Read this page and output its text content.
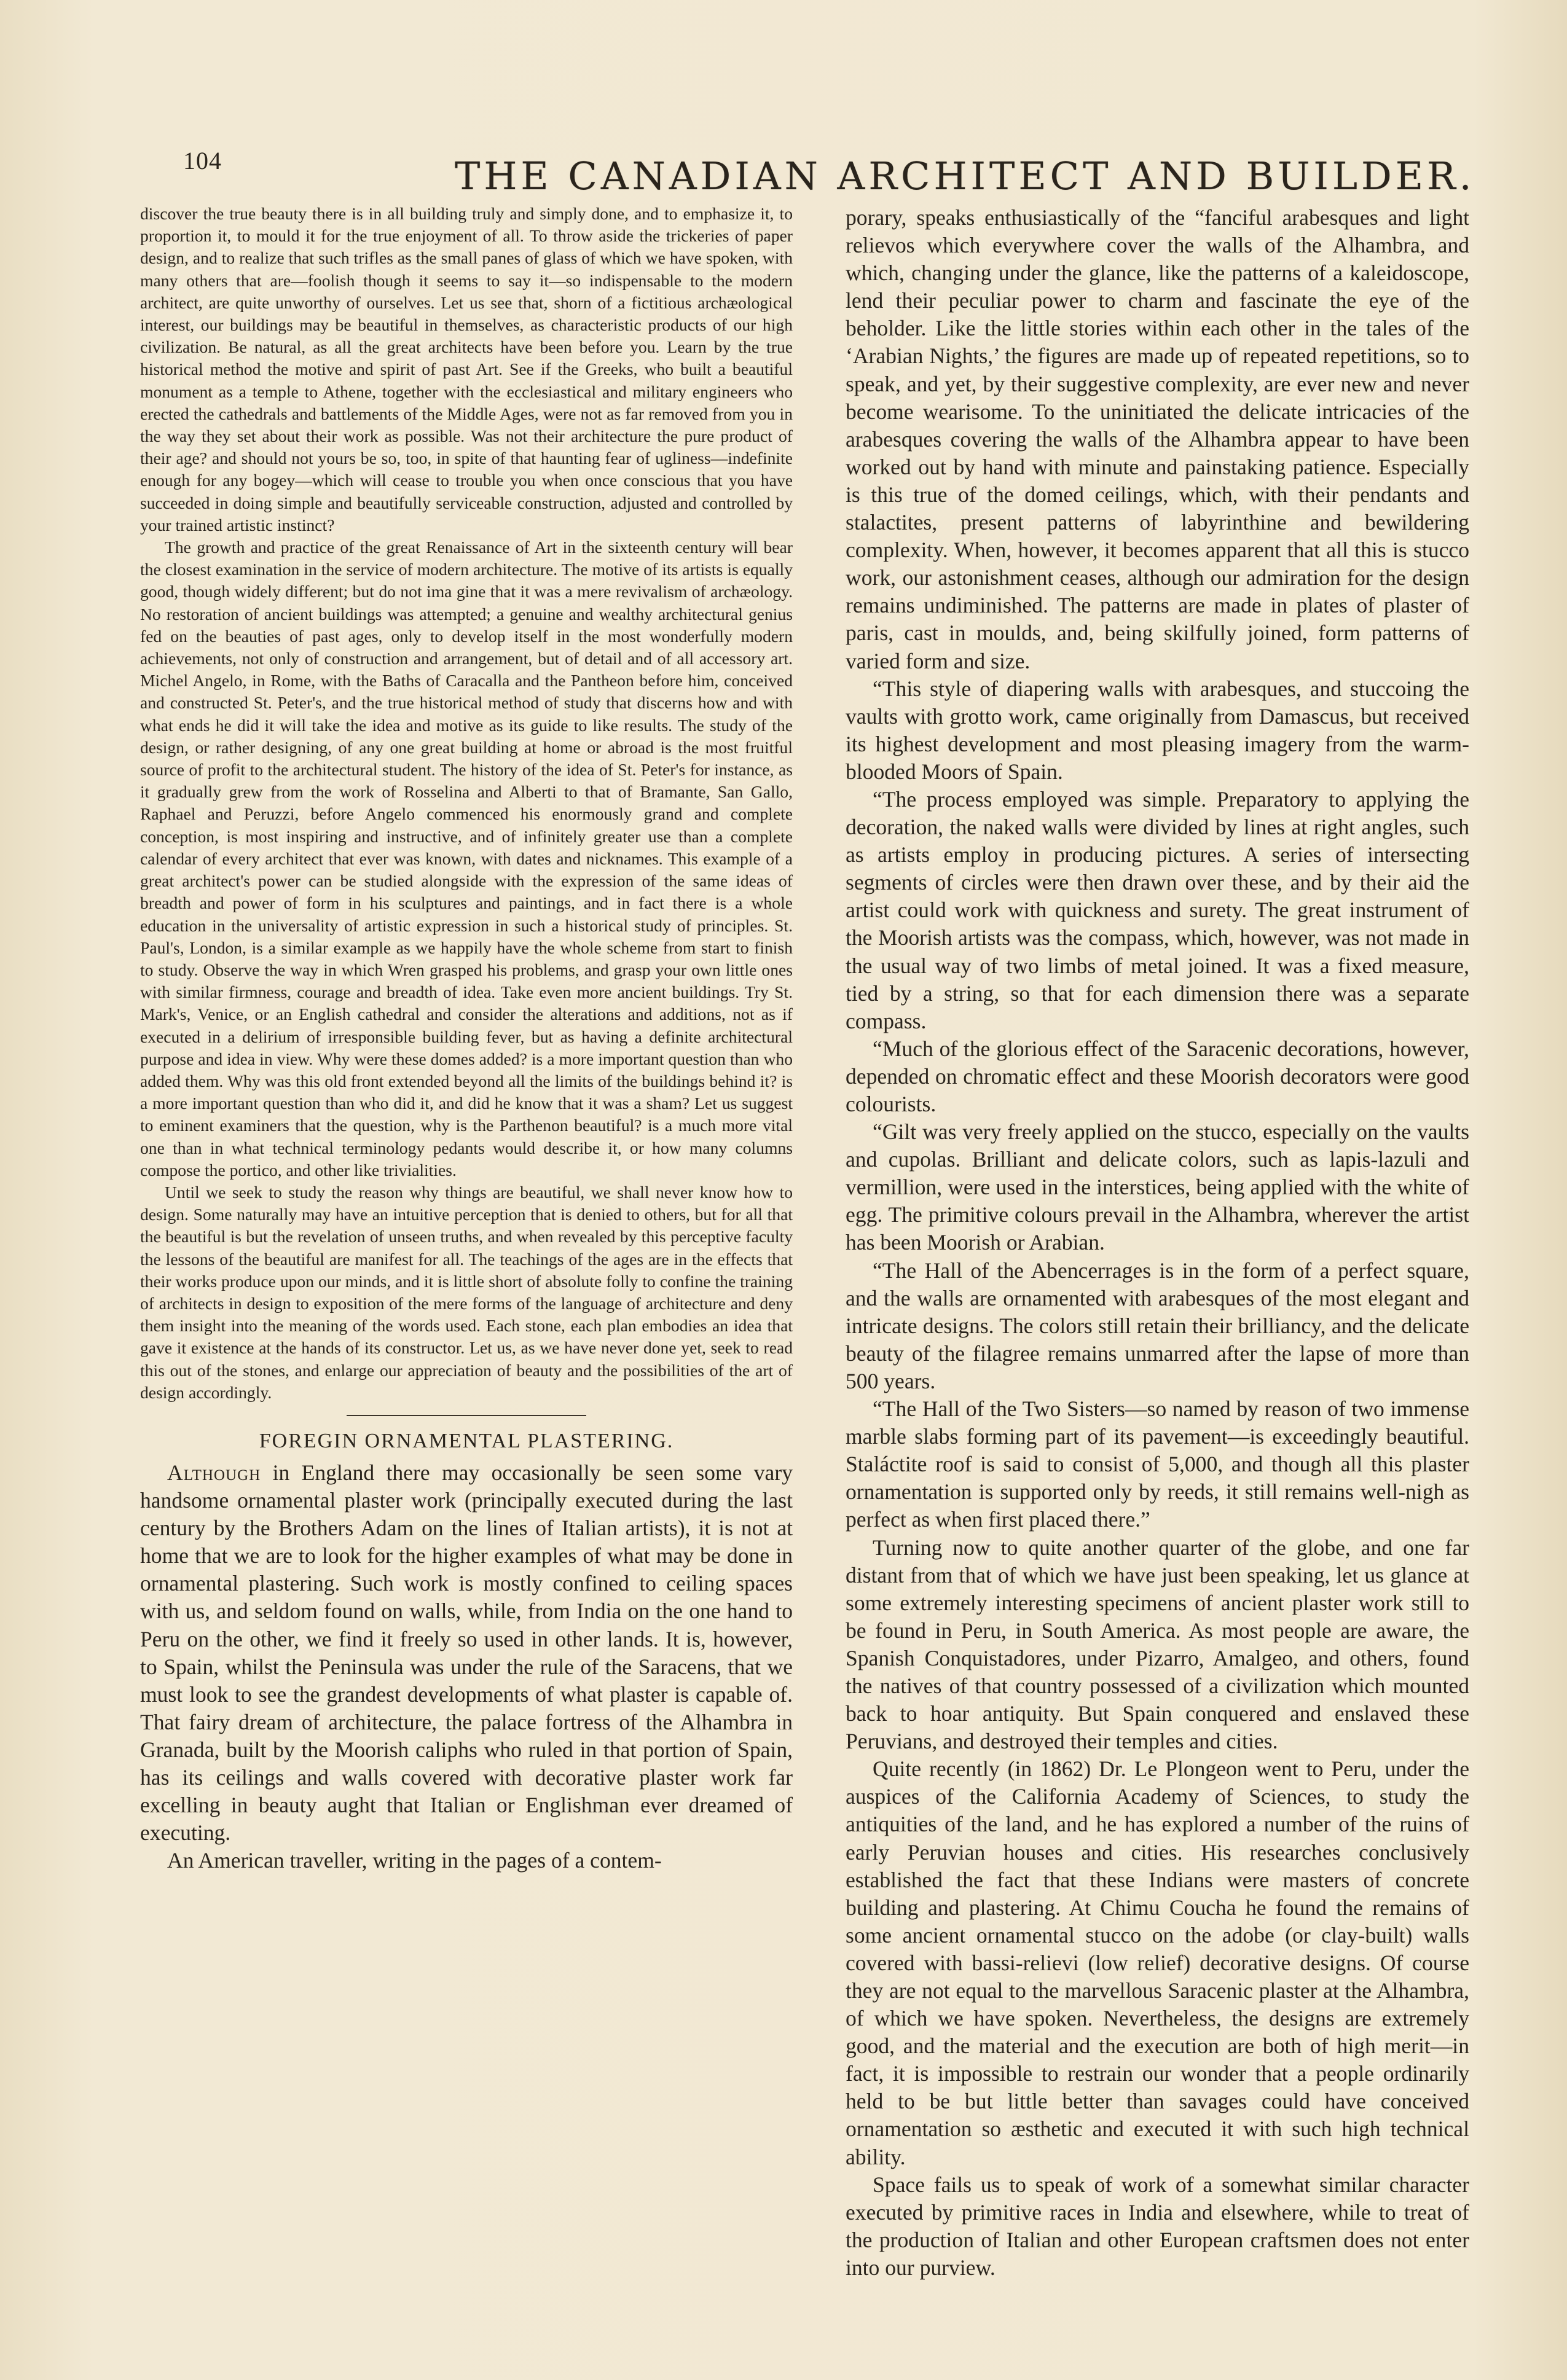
104	THE CANADIAN ARCHITECT AND BUILDER.

discover the true beauty there is in all building truly and simply done, and to emphasize it, to proportion it, to mould it for the true enjoyment of all. To throw aside the trickeries of paper design, and to realize that such trifles as the small panes of glass of which we have spoken, with many others that are—foolish though it seems to say it—so indispensable to the modern architect, are quite unworthy of ourselves. Let us see that, shorn of a fictitious archæological interest, our buildings may be beautiful in themselves, as characteristic products of our high civilization. Be natural, as all the great architects have been before you. Learn by the true historical method the motive and spirit of past Art. See if the Greeks, who built a beautiful monument as a temple to Athene, together with the ecclesiastical and military engineers who erected the cathedrals and battlements of the Middle Ages, were not as far removed from you in the way they set about their work as possible. Was not their architecture the pure product of their age? and should not yours be so, too, in spite of that haunting fear of ugliness—indefinite enough for any bogey—which will cease to trouble you when once conscious that you have succeeded in doing simple and beautifully serviceable construction, adjusted and controlled by your trained artistic instinct?

The growth and practice of the great Renaissance of Art in the sixteenth century will bear the closest examination in the service of modern architecture. The motive of its artists is equally good, though widely different; but do not ima gine that it was a mere revivalism of archæology. No restoration of ancient buildings was attempted; a genuine and wealthy architectural genius fed on the beauties of past ages, only to develop itself in the most wonderfully modern achievements, not only of construction and arrangement, but of detail and of all accessory art. Michel Angelo, in Rome, with the Baths of Caracalla and the Pantheon before him, conceived and constructed St. Peter's, and the true historical method of study that discerns how and with what ends he did it will take the idea and motive as its guide to like results. The study of the design, or rather designing, of any one great building at home or abroad is the most fruitful source of profit to the architectural student. The history of the idea of St. Peter's for instance, as it gradually grew from the work of Rosselina and Alberti to that of Bramante, San Gallo, Raphael and Peruzzi, before Angelo commenced his enormously grand and complete conception, is most inspiring and instructive, and of infinitely greater use than a complete calendar of every architect that ever was known, with dates and nicknames. This example of a great architect's power can be studied alongside with the expression of the same ideas of breadth and power of form in his sculptures and paintings, and in fact there is a whole education in the universality of artistic expression in such a historical study of principles. St. Paul's, London, is a similar example as we happily have the whole scheme from start to finish to study. Observe the way in which Wren grasped his problems, and grasp your own little ones with similar firmness, courage and breadth of idea. Take even more ancient buildings. Try St. Mark's, Venice, or an English cathedral and consider the alterations and additions, not as if executed in a delirium of irresponsible building fever, but as having a definite architectural purpose and idea in view. Why were these domes added? is a more important question than who added them. Why was this old front extended beyond all the limits of the buildings behind it? is a more important question than who did it, and did he know that it was a sham? Let us suggest to eminent examiners that the question, why is the Parthenon beautiful? is a much more vital one than in what technical terminology pedants would describe it, or how many columns compose the portico, and other like trivialities.

Until we seek to study the reason why things are beautiful, we shall never know how to design. Some naturally may have an intuitive perception that is denied to others, but for all that the beautiful is but the revelation of unseen truths, and when revealed by this perceptive faculty the lessons of the beautiful are manifest for all. The teachings of the ages are in the effects that their works produce upon our minds, and it is little short of absolute folly to confine the training of architects in design to exposition of the mere forms of the language of architecture and deny them insight into the meaning of the words used. Each stone, each plan embodies an idea that gave it existence at the hands of its constructor. Let us, as we have never done yet, seek to read this out of the stones, and enlarge our appreciation of beauty and the possibilities of the art of design accordingly.

FOREGIN ORNAMENTAL PLASTERING.

Although in England there may occasionally be seen some vary handsome ornamental plaster work (principally executed during the last century by the Brothers Adam on the lines of Italian artists), it is not at home that we are to look for the higher examples of what may be done in ornamental plastering. Such work is mostly confined to ceiling spaces with us, and seldom found on walls, while, from India on the one hand to Peru on the other, we find it freely so used in other lands. It is, however, to Spain, whilst the Peninsula was under the rule of the Saracens, that we must look to see the grandest developments of what plaster is capable of. That fairy dream of architecture, the palace fortress of the Alhambra in Granada, built by the Moorish caliphs who ruled in that portion of Spain, has its ceilings and walls covered with decorative plaster work far excelling in beauty aught that Italian or Englishman ever dreamed of executing.

An American traveller, writing in the pages of a contem-

porary, speaks enthusiastically of the “fanciful arabesques and light relievos which everywhere cover the walls of the Alhambra, and which, changing under the glance, like the patterns of a kaleidoscope, lend their peculiar power to charm and fascinate the eye of the beholder. Like the little stories within each other in the tales of the ‘Arabian Nights,’ the figures are made up of repeated repetitions, so to speak, and yet, by their suggestive complexity, are ever new and never become wearisome. To the uninitiated the delicate intricacies of the arabesques covering the walls of the Alhambra appear to have been worked out by hand with minute and painstaking patience. Especially is this true of the domed ceilings, which, with their pendants and stalactites, present patterns of labyrinthine and bewildering complexity. When, however, it becomes apparent that all this is stucco work, our astonishment ceases, although our admiration for the design remains undiminished. The patterns are made in plates of plaster of paris, cast in moulds, and, being skilfully joined, form patterns of varied form and size.

“This style of diapering walls with arabesques, and stuccoing the vaults with grotto work, came originally from Damascus, but received its highest development and most pleasing imagery from the warm-blooded Moors of Spain.

“The process employed was simple. Preparatory to applying the decoration, the naked walls were divided by lines at right angles, such as artists employ in producing pictures. A series of intersecting segments of circles were then drawn over these, and by their aid the artist could work with quickness and surety. The great instrument of the Moorish artists was the compass, which, however, was not made in the usual way of two limbs of metal joined. It was a fixed measure, tied by a string, so that for each dimension there was a separate compass.

“Much of the glorious effect of the Saracenic decorations, however, depended on chromatic effect and these Moorish decorators were good colourists.

“Gilt was very freely applied on the stucco, especially on the vaults and cupolas. Brilliant and delicate colors, such as lapis-lazuli and vermillion, were used in the interstices, being applied with the white of egg. The primitive colours prevail in the Alhambra, wherever the artist has been Moorish or Arabian.

“The Hall of the Abencerrages is in the form of a perfect square, and the walls are ornamented with arabesques of the most elegant and intricate designs. The colors still retain their brilliancy, and the delicate beauty of the filagree remains unmarred after the lapse of more than 500 years.

“The Hall of the Two Sisters—so named by reason of two immense marble slabs forming part of its pavement—is exceedingly beautiful. Staláctite roof is said to consist of 5,000, and though all this plaster ornamentation is supported only by reeds, it still remains well-nigh as perfect as when first placed there.”

Turning now to quite another quarter of the globe, and one far distant from that of which we have just been speaking, let us glance at some extremely interesting specimens of ancient plaster work still to be found in Peru, in South America. As most people are aware, the Spanish Conquistadores, under Pizarro, Amalgeo, and others, found the natives of that country possessed of a civilization which mounted back to hoar antiquity. But Spain conquered and enslaved these Peruvians, and destroyed their temples and cities.

Quite recently (in 1862) Dr. Le Plongeon went to Peru, under the auspices of the California Academy of Sciences, to study the antiquities of the land, and he has explored a number of the ruins of early Peruvian houses and cities. His researches conclusively established the fact that these Indians were masters of concrete building and plastering. At Chimu Coucha he found the remains of some ancient ornamental stucco on the adobe (or clay-built) walls covered with bassi-relievi (low relief) decorative designs. Of course they are not equal to the marvellous Saracenic plaster at the Alhambra, of which we have spoken. Nevertheless, the designs are extremely good, and the material and the execution are both of high merit—in fact, it is impossible to restrain our wonder that a people ordinarily held to be but little better than savages could have conceived ornamentation so æsthetic and executed it with such high technical ability.

Space fails us to speak of work of a somewhat similar character executed by primitive races in India and elsewhere, while to treat of the production of Italian and other European craftsmen does not enter into our purview.
